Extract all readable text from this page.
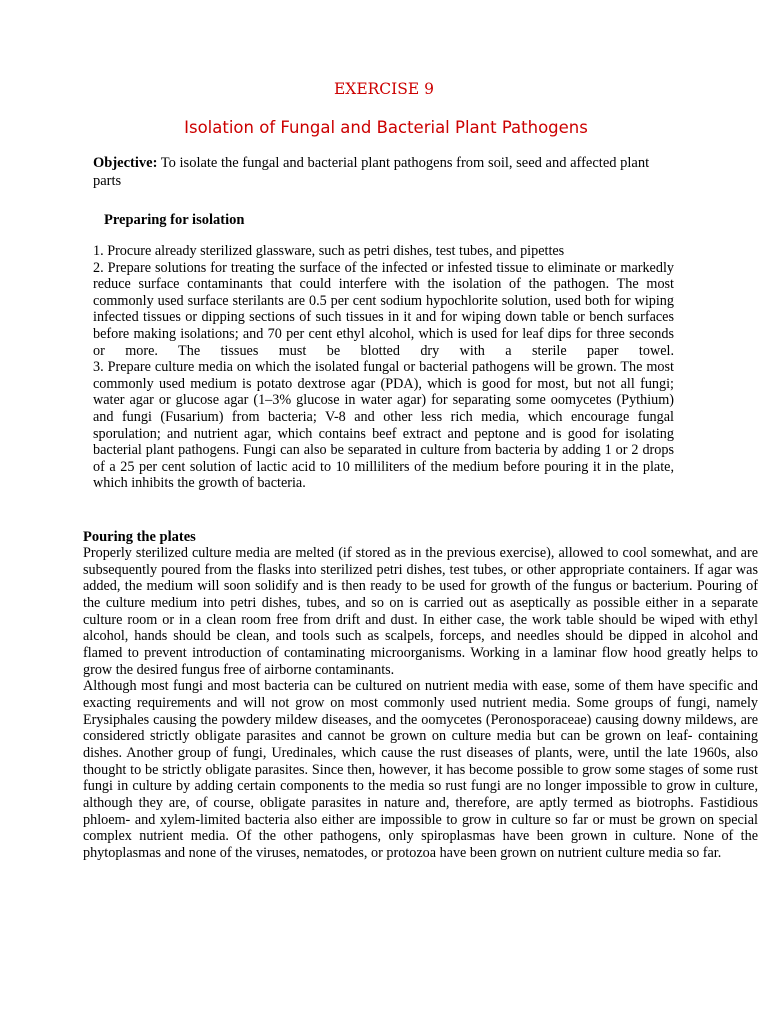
EXERCISE 9
Isolation of Fungal and Bacterial Plant Pathogens
Objective: To isolate the fungal and bacterial plant pathogens from soil, seed and affected plant parts
Preparing for isolation

1. Procure already sterilized glassware, such as petri dishes, test tubes, and pipettes

2. Prepare solutions for treating the surface of the infected or infested tissue to eliminate or markedly reduce surface contaminants that could interfere with the isolation of the pathogen. The most commonly used surface sterilants are 0.5 per cent sodium hypochlorite solution, used both for wiping infected tissues or dipping sections of such tissues in it and for wiping down table or bench surfaces before making isolations; and 70 per cent ethyl alcohol, which is used for leaf dips for three seconds or more. The tissues must be blotted dry with a sterile paper towel.

3. Prepare culture media on which the isolated fungal or bacterial pathogens will be grown. The most commonly used medium is potato dextrose agar (PDA), which is good for most, but not all fungi; water agar or glucose agar (1–3% glucose in water agar) for separating some oomycetes (Pythium) and fungi (Fusarium) from bacteria; V-8 and other less rich media, which encourage fungal sporulation; and nutrient agar, which contains beef extract and peptone and is good for isolating bacterial plant pathogens. Fungi can also be separated in culture from bacteria by adding 1 or 2 drops of a 25 per cent solution of lactic acid to 10 milliliters of the medium before pouring it in the plate, which inhibits the growth of bacteria.

Pouring the plates

Properly sterilized culture media are melted (if stored as in the previous exercise), allowed to cool somewhat, and are subsequently poured from the flasks into sterilized petri dishes, test tubes, or other appropriate containers. If agar was added, the medium will soon solidify and is then ready to be used for growth of the fungus or bacterium. Pouring of the culture medium into petri dishes, tubes, and so on is carried out as aseptically as possible either in a separate culture room or in a clean room free from drift and dust. In either case, the work table should be wiped with ethyl alcohol, hands should be clean, and tools such as scalpels, forceps, and needles should be dipped in alcohol and flamed to prevent introduction of contaminating microorganisms. Working in a laminar flow hood greatly helps to grow the desired fungus free of airborne contaminants.

Although most fungi and most bacteria can be cultured on nutrient media with ease, some of them have specific and exacting requirements and will not grow on most commonly used nutrient media. Some groups of fungi, namely Erysiphales causing the powdery mildew diseases, and the oomycetes (Peronosporaceae) causing downy mildews, are considered strictly obligate parasites and cannot be grown on culture media but can be grown on leaf- containing dishes. Another group of fungi, Uredinales, which cause the rust diseases of plants, were, until the late 1960s, also thought to be strictly obligate parasites. Since then, however, it has become possible to grow some stages of some rust fungi in culture by adding certain components to the media so rust fungi are no longer impossible to grow in culture, although they are, of course, obligate parasites in nature and, therefore, are aptly termed as biotrophs. Fastidious phloem- and xylem-limited bacteria also either are impossible to grow in culture so far or must be grown on special complex nutrient media. Of the other pathogens, only spiroplasmas have been grown in culture. None of the phytoplasmas and none of the viruses, nematodes, or protozoa have been grown on nutrient culture media so far.
